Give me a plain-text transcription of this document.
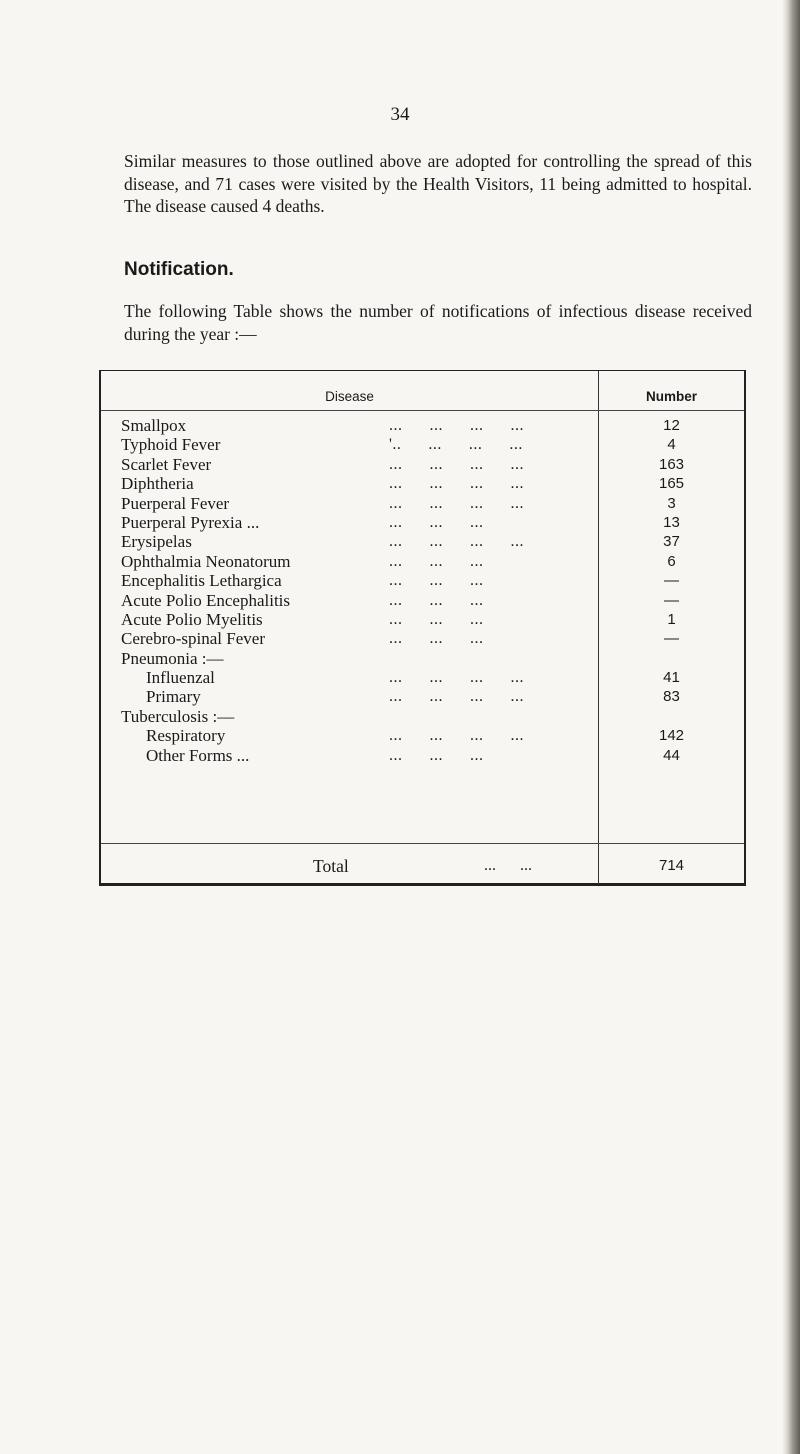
34
Similar measures to those outlined above are adopted for controlling the spread of this disease, and 71 cases were visited by the Health Visitors, 11 being admitted to hospital. The disease caused 4 deaths.
Notification.
The following Table shows the number of notifications of infectious disease received during the year :—
Disease	Number
Smallpox	...      ...      ...      ...	12
Typhoid Fever	'..      ...      ...      ...	4
Scarlet Fever	...      ...      ...      ...	163
Diphtheria	...      ...      ...      ...	165
Puerperal Fever	...      ...      ...      ...	3
Puerperal Pyrexia ...	...      ...      ...	13
Erysipelas	...      ...      ...      ...	37
Ophthalmia Neonatorum	...      ...      ...	6
Encephalitis Lethargica	...      ...      ...	—
Acute Polio Encephalitis	...      ...      ...	—
Acute Polio Myelitis	...      ...      ...	1
Cerebro-spinal Fever	...      ...      ...	—
Pneumonia :—
Influenzal	...      ...      ...      ...	41
Primary	...      ...      ...      ...	83
Tuberculosis :—
Respiratory	...      ...      ...      ...	142
Other Forms ...	...      ...      ...	44
Total	...      ...	714
